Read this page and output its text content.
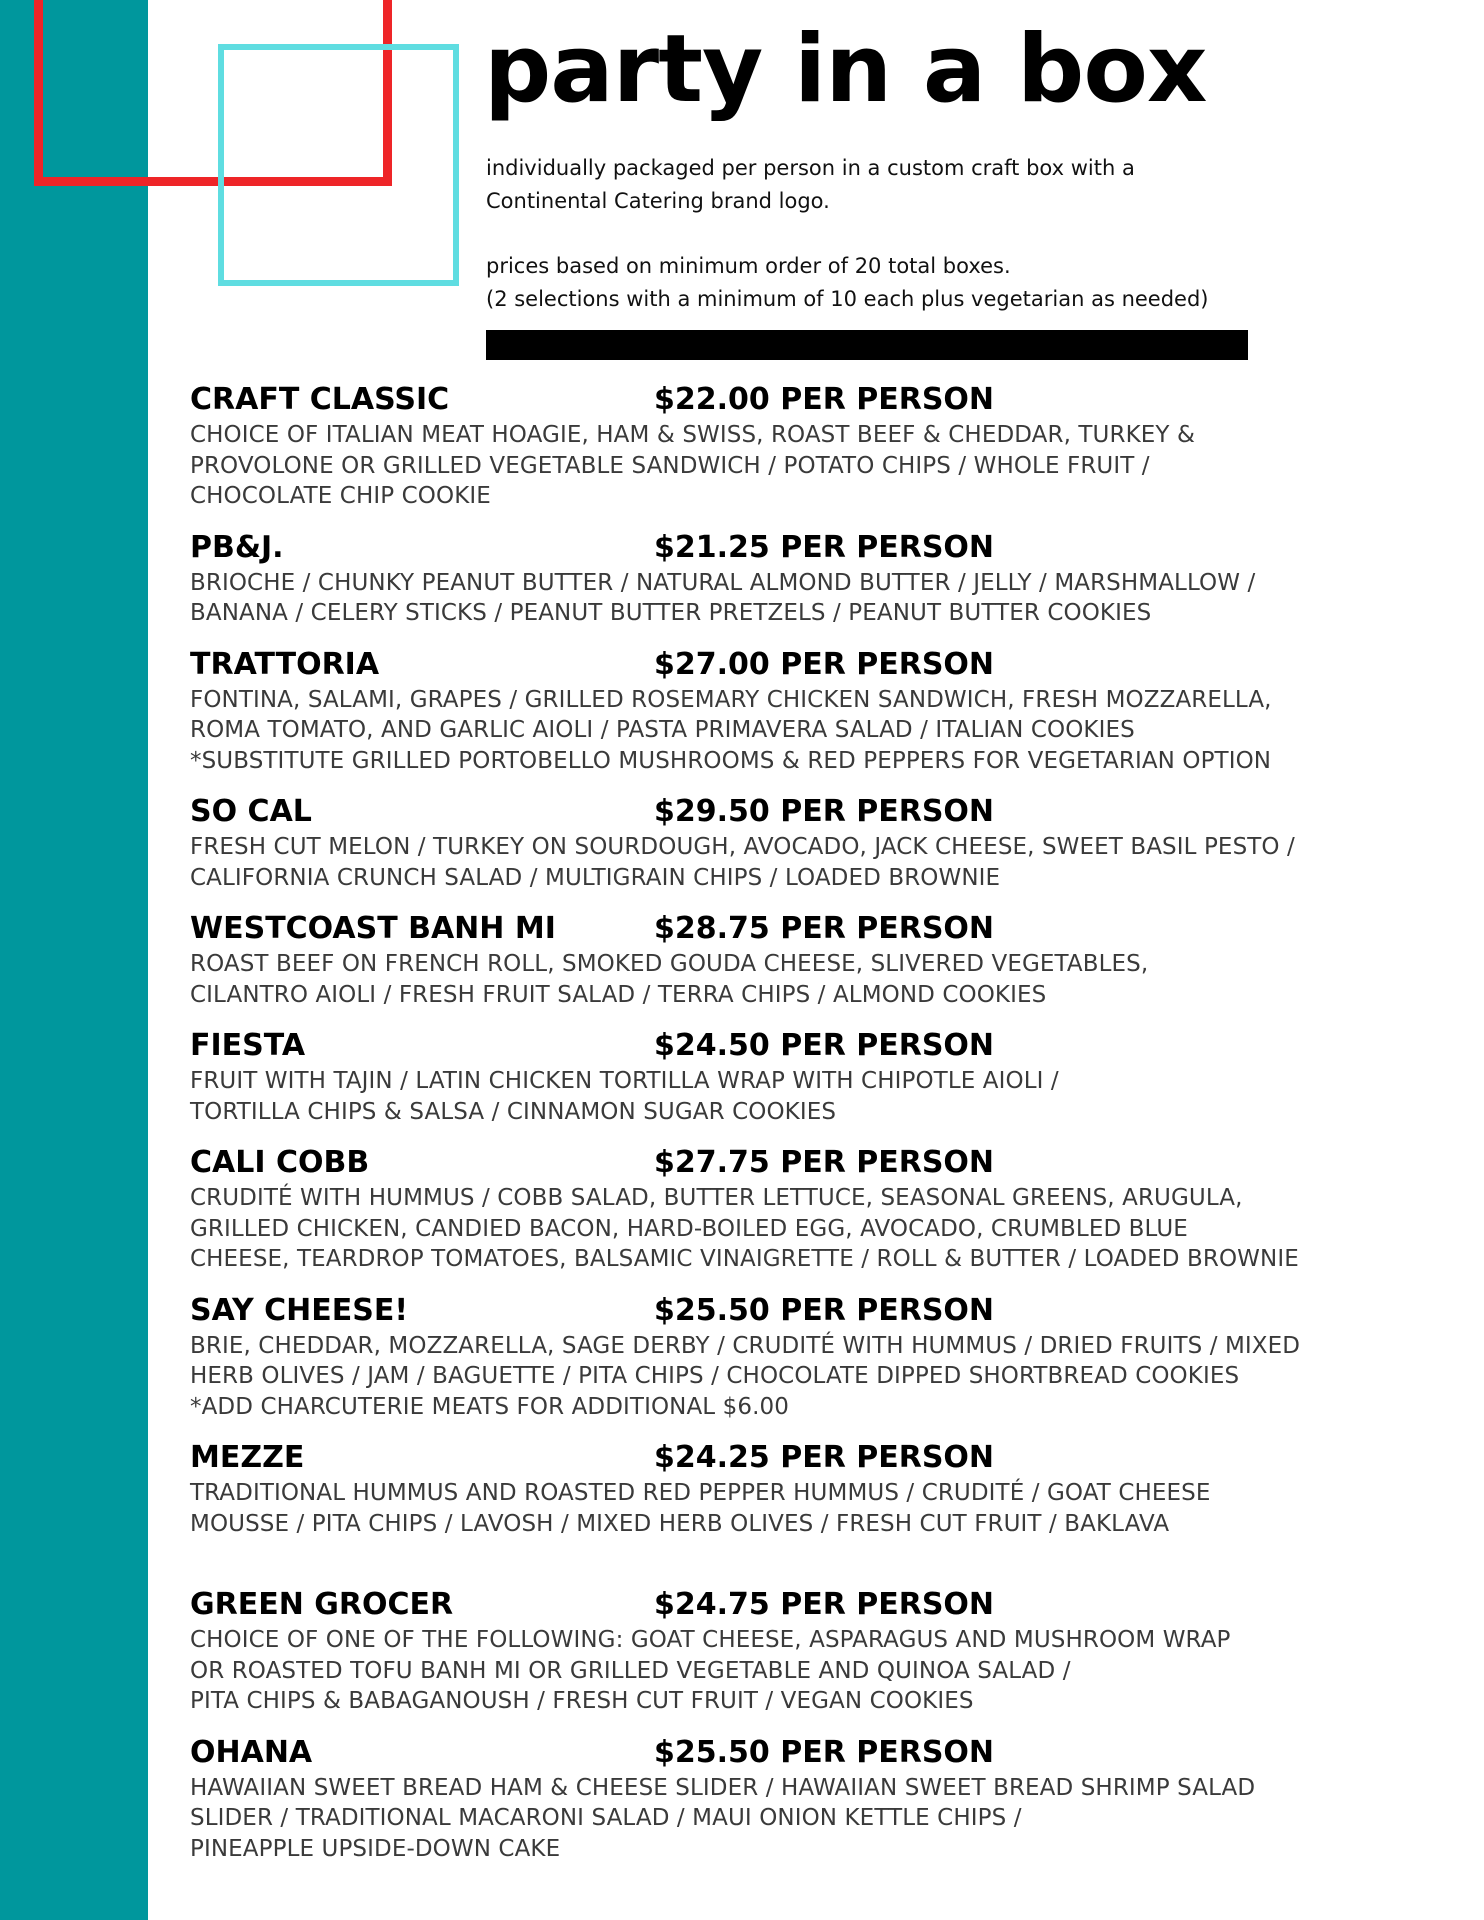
party in a box

individually packaged per person in a custom craft box with a

Continental Catering brand logo.

prices based on minimum order of 20 total boxes.

(2 selections with a minimum of 10 each plus vegetarian as needed)

CRAFT CLASSIC	$22.00 PER PERSON
CHOICE OF ITALIAN MEAT HOAGIE, HAM & SWISS, ROAST BEEF & CHEDDAR, TURKEY &
PROVOLONE OR GRILLED VEGETABLE SANDWICH / POTATO CHIPS / WHOLE FRUIT /
CHOCOLATE CHIP COOKIE
PB&J.	$21.25 PER PERSON
BRIOCHE / CHUNKY PEANUT BUTTER / NATURAL ALMOND BUTTER / JELLY / MARSHMALLOW /
BANANA / CELERY STICKS / PEANUT BUTTER PRETZELS / PEANUT BUTTER COOKIES
TRATTORIA	$27.00 PER PERSON
FONTINA, SALAMI, GRAPES / GRILLED ROSEMARY CHICKEN SANDWICH, FRESH MOZZARELLA,
ROMA TOMATO, AND GARLIC AIOLI / PASTA PRIMAVERA SALAD / ITALIAN COOKIES
*SUBSTITUTE GRILLED PORTOBELLO MUSHROOMS & RED PEPPERS FOR VEGETARIAN OPTION
SO CAL	$29.50 PER PERSON
FRESH CUT MELON / TURKEY ON SOURDOUGH, AVOCADO, JACK CHEESE, SWEET BASIL PESTO /
CALIFORNIA CRUNCH SALAD / MULTIGRAIN CHIPS / LOADED BROWNIE
WESTCOAST BANH MI	$28.75 PER PERSON
ROAST BEEF ON FRENCH ROLL, SMOKED GOUDA CHEESE, SLIVERED VEGETABLES,
CILANTRO AIOLI / FRESH FRUIT SALAD / TERRA CHIPS / ALMOND COOKIES
FIESTA	$24.50 PER PERSON
FRUIT WITH TAJIN / LATIN CHICKEN TORTILLA WRAP WITH CHIPOTLE AIOLI /
TORTILLA CHIPS & SALSA / CINNAMON SUGAR COOKIES
CALI COBB	$27.75 PER PERSON
CRUDITÉ WITH HUMMUS / COBB SALAD, BUTTER LETTUCE, SEASONAL GREENS, ARUGULA,
GRILLED CHICKEN, CANDIED BACON, HARD-BOILED EGG, AVOCADO, CRUMBLED BLUE
CHEESE, TEARDROP TOMATOES, BALSAMIC VINAIGRETTE / ROLL & BUTTER / LOADED BROWNIE
SAY CHEESE!	$25.50 PER PERSON
BRIE, CHEDDAR, MOZZARELLA, SAGE DERBY / CRUDITÉ WITH HUMMUS / DRIED FRUITS / MIXED
HERB OLIVES / JAM / BAGUETTE / PITA CHIPS / CHOCOLATE DIPPED SHORTBREAD COOKIES
*ADD CHARCUTERIE MEATS FOR ADDITIONAL $6.00
MEZZE	$24.25 PER PERSON
TRADITIONAL HUMMUS AND ROASTED RED PEPPER HUMMUS / CRUDITÉ / GOAT CHEESE
MOUSSE / PITA CHIPS / LAVOSH / MIXED HERB OLIVES / FRESH CUT FRUIT / BAKLAVA
GREEN GROCER	$24.75 PER PERSON
CHOICE OF ONE OF THE FOLLOWING: GOAT CHEESE, ASPARAGUS AND MUSHROOM WRAP
OR ROASTED TOFU BANH MI OR GRILLED VEGETABLE AND QUINOA SALAD /
PITA CHIPS & BABAGANOUSH / FRESH CUT FRUIT / VEGAN COOKIES
OHANA	$25.50 PER PERSON
HAWAIIAN SWEET BREAD HAM & CHEESE SLIDER / HAWAIIAN SWEET BREAD SHRIMP SALAD
SLIDER / TRADITIONAL MACARONI SALAD / MAUI ONION KETTLE CHIPS /
PINEAPPLE UPSIDE-DOWN CAKE
